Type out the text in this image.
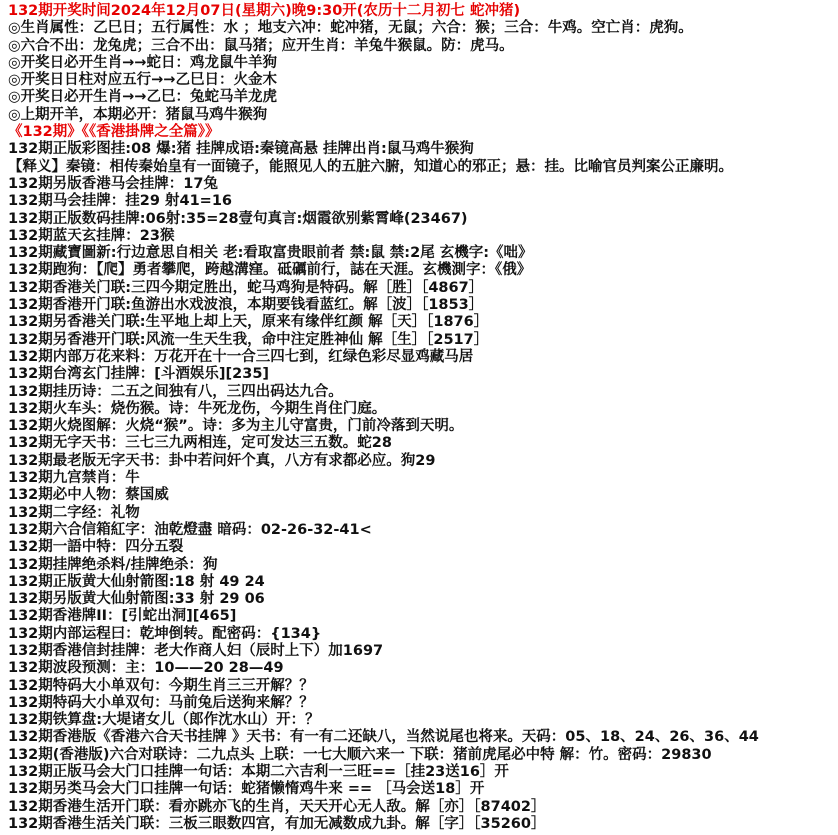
132期开奖时间2024年12月07日(星期六)晚9:30开(农历十二月初七 蛇冲猪)
◎生肖属性：乙巳日；五行属性：水 ；地支六冲：蛇冲猪，无鼠；六合：猴；三合：牛鸡。空亡肖：虎狗。
◎六合不出：龙兔虎；三合不出：鼠马猪；应开生肖：羊兔牛猴鼠。防：虎马。
◎开奖日必开生肖→→蛇日：鸡龙鼠牛羊狗
◎开奖日日柱对应五行→→乙巳日：火金木
◎开奖日必开生肖→→乙巳：兔蛇马羊龙虎
◎上期开羊，本期必开：猪鼠马鸡牛猴狗
《132期》《《香港掛牌之全篇》》
132期正版彩图挂:08 爆:猪 挂牌成语:秦镜高悬 挂牌出肖:鼠马鸡牛猴狗
【释义】秦镜：相传秦始皇有一面镜子，能照见人的五脏六腑，知道心的邪正；悬：挂。比喻官员判案公正廉明。
132期另版香港马会挂牌：17兔
132期马会挂牌：挂29 射41=16
132期正版数码挂牌:06射:35=28壹句真言:烟霞欲别紫霄峰(23467)
132期蓝天玄挂牌：23猴
132期藏寶圖新:行边意思自相关 老:看取富贵眼前者 禁:鼠 禁:2尾 玄機字:《咄》
132期跑狗：【爬】勇者攀爬，跨越溝窪。砥礪前行，誌在天涯。玄機測字：《俄》
132期香港关门联:三四今期定胜出，蛇马鸡狗是特码。解［胜］［4867］
132期香港开门联:鱼游出水戏波浪，本期要钱看蓝红。解［波］［1853］
132期另香港关门联:生平地上却上天，原来有缘伴红颜 解［天］［1876］
132期另香港开门联:风流一生天生我，命中注定胜神仙 解［生］［2517］
132期内部万花来料：万花开在十一合三四七到，红绿色彩尽显鸡藏马居
132期台湾玄门挂牌：[斗酒娱乐][235]
132期挂历诗：二五之间独有八，三四出码达九合。
132期火车头：烧伤猴。诗：牛死龙伤，今期生肖住门庭。
132期火烧图解：火烧“猴”。诗：多为主儿守富贵，门前冷落到天明。
132期无字天书：三七三九两相连，定可发达三五数。蛇28
132期最老版无字天书：卦中若问奸个真，八方有求都必应。狗29
132期九宫禁肖：牛
132期必中人物：蔡国威
132期二字经：礼物
132期六合信箱紅字：油乾燈盡 暗码：02-26-32-41<
132期一語中特：四分五裂
132期挂牌绝杀料/挂牌绝杀：狗
132期正版黄大仙射箭图:18 射 49 24
132期另版黄大仙射箭图:33 射 29 06
132期香港牌II：[引蛇出洞][465]
132期内部运程曰：乾坤倒转。配密码：{134}
132期香港信封挂牌：老大作商人妇（辰时上下）加1697
132期波段预测：主：10——20 28—49
132期特码大小单双句：今期生肖三三开解？？
132期特码大小单双句：马前兔后送狗来解？？
132期铁算盘:大堤诸女儿（郎作沈水山）开：？
132期香港版《香港六合天书挂牌 》天书：有一有二还缺八，当然说尾也将来。天码：05、18、24、26、36、44
132期(香港版)六合对联诗：二九点头 上联：一七大顺六来一 下联：猪前虎尾必中特 解：竹。密码：29830
132期正版马会大门口挂牌一句话：本期二六吉利一三旺==［挂23送16］开
132期另类马会大门口挂牌一句话：蛇猪懒惰鸡牛来 == ［马会送18］开
132期香港生活开门联：看亦跳亦飞的生肖，天天开心无人敌。解［亦］［87402］
132期香港生活关门联：三板三眼数四宫，有加无减数成九卦。解［字］［35260］
